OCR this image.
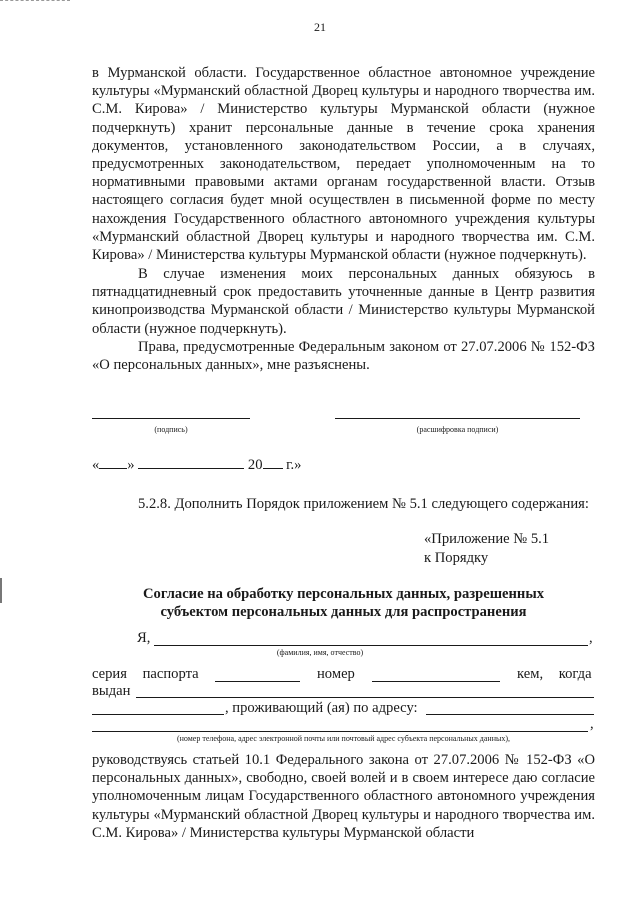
21

в Мурманской области. Государственное областное автономное учреждение культуры «Мурманский областной Дворец культуры и народного творчества им. С.М. Кирова» / Министерство культуры Мурманской области (нужное подчеркнуть) хранит персональные данные в течение срока хранения документов, установленного законодательством России, а в случаях, предусмотренных законодательством, передает уполномоченным на то нормативными правовыми актами органам государственной власти. Отзыв настоящего согласия будет мной осуществлен в письменной форме по месту нахождения Государственного областного автономного учреждения культуры «Мурманский областной Дворец культуры и народного творчества им. С.М. Кирова» / Министерства культуры Мурманской области (нужное подчеркнуть).

В случае изменения моих персональных данных обязуюсь в пятнадцатидневный срок предоставить уточненные данные в Центр развития кинопроизводства Мурманской области / Министерство культуры Мурманской области (нужное подчеркнуть).

Права, предусмотренные Федеральным законом от 27.07.2006 № 152-ФЗ «О персональных данных», мне разъяснены.

(подпись)	(расшифровка подписи)
« »	20 г.»

5.2.8. Дополнить Порядок приложением № 5.1 следующего содержания:

«Приложение № 5.1
к Порядку
Согласие на обработку персональных данных, разрешенных
субъектом персональных данных для распространения
Я,	,
(фамилия, имя, отчество)
серия паспорта	номер	кем, когда
выдан
, проживающий (ая) по адресу:
,
(номер телефона, адрес электронной почты или почтовый адрес субъекта персональных данных),

руководствуясь статьей 10.1 Федерального закона от 27.07.2006 № 152-ФЗ «О персональных данных», свободно, своей волей и в своем интересе даю согласие уполномоченным лицам Государственного областного автономного учреждения культуры «Мурманский областной Дворец культуры и народного творчества им. С.М. Кирова» / Министерства культуры Мурманской области
